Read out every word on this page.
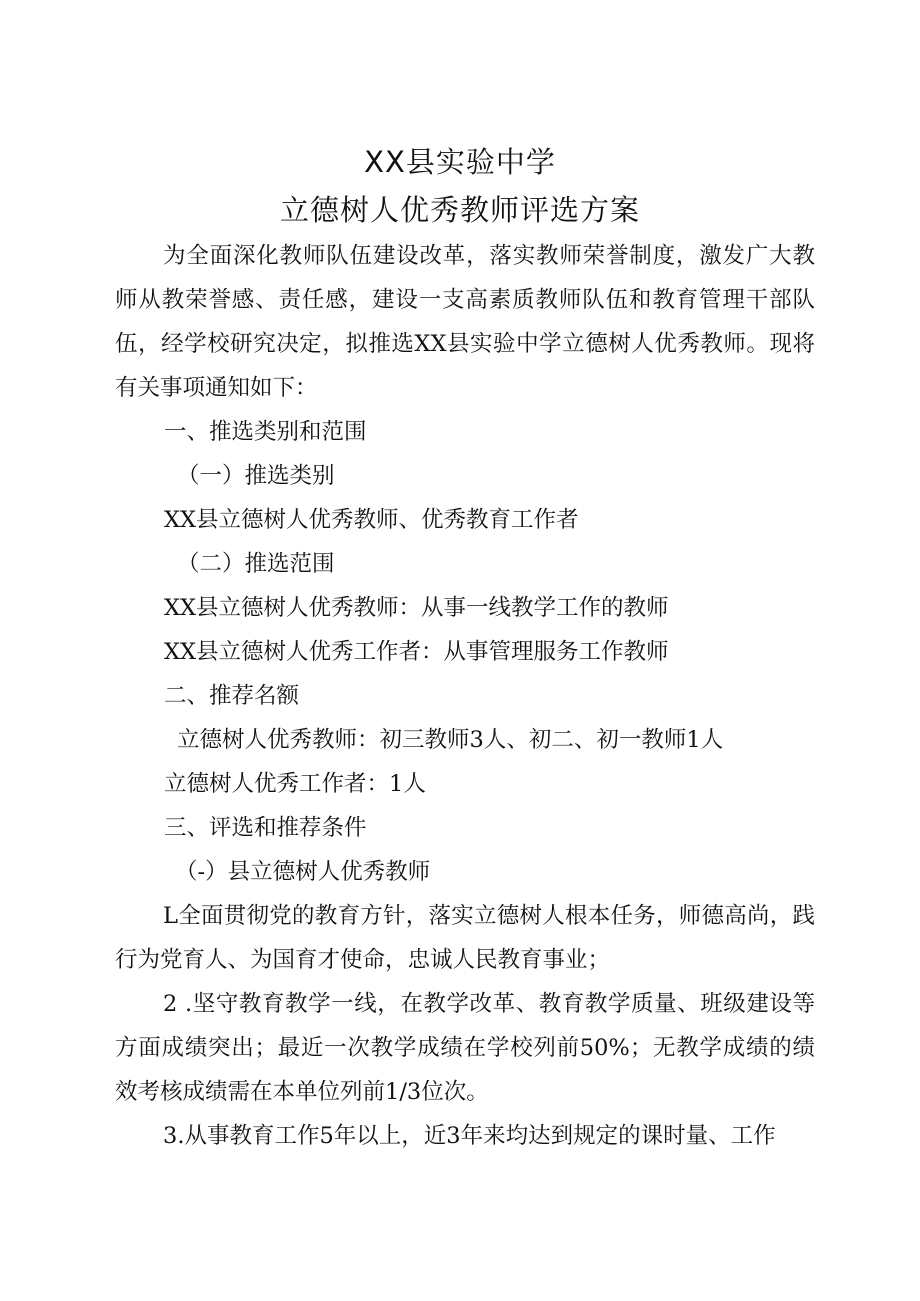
XX县实验中学
立德树人优秀教师评选方案

为全面深化教师队伍建设改革，落实教师荣誉制度，激发广大教师从教荣誉感、责任感，建设一支高素质教师队伍和教育管理干部队伍，经学校研究决定，拟推选XX县实验中学立德树人优秀教师。现将有关事项通知如下：

一、推选类别和范围

（一）推选类别

XX县立德树人优秀教师、优秀教育工作者

（二）推选范围

XX县立德树人优秀教师：从事一线教学工作的教师

XX县立德树人优秀工作者：从事管理服务工作教师

二、推荐名额

立德树人优秀教师：初三教师3人、初二、初一教师1人

立德树人优秀工作者：1人

三、评选和推荐条件

（-）县立德树人优秀教师

L全面贯彻党的教育方针，落实立德树人根本任务，师德高尚，践行为党育人、为国育才使命，忠诚人民教育事业；

2 .坚守教育教学一线，在教学改革、教育教学质量、班级建设等方面成绩突出；最近一次教学成绩在学校列前50%；无教学成绩的绩效考核成绩需在本单位列前1/3位次。

3.从事教育工作5年以上，近3年来均达到规定的课时量、工作
